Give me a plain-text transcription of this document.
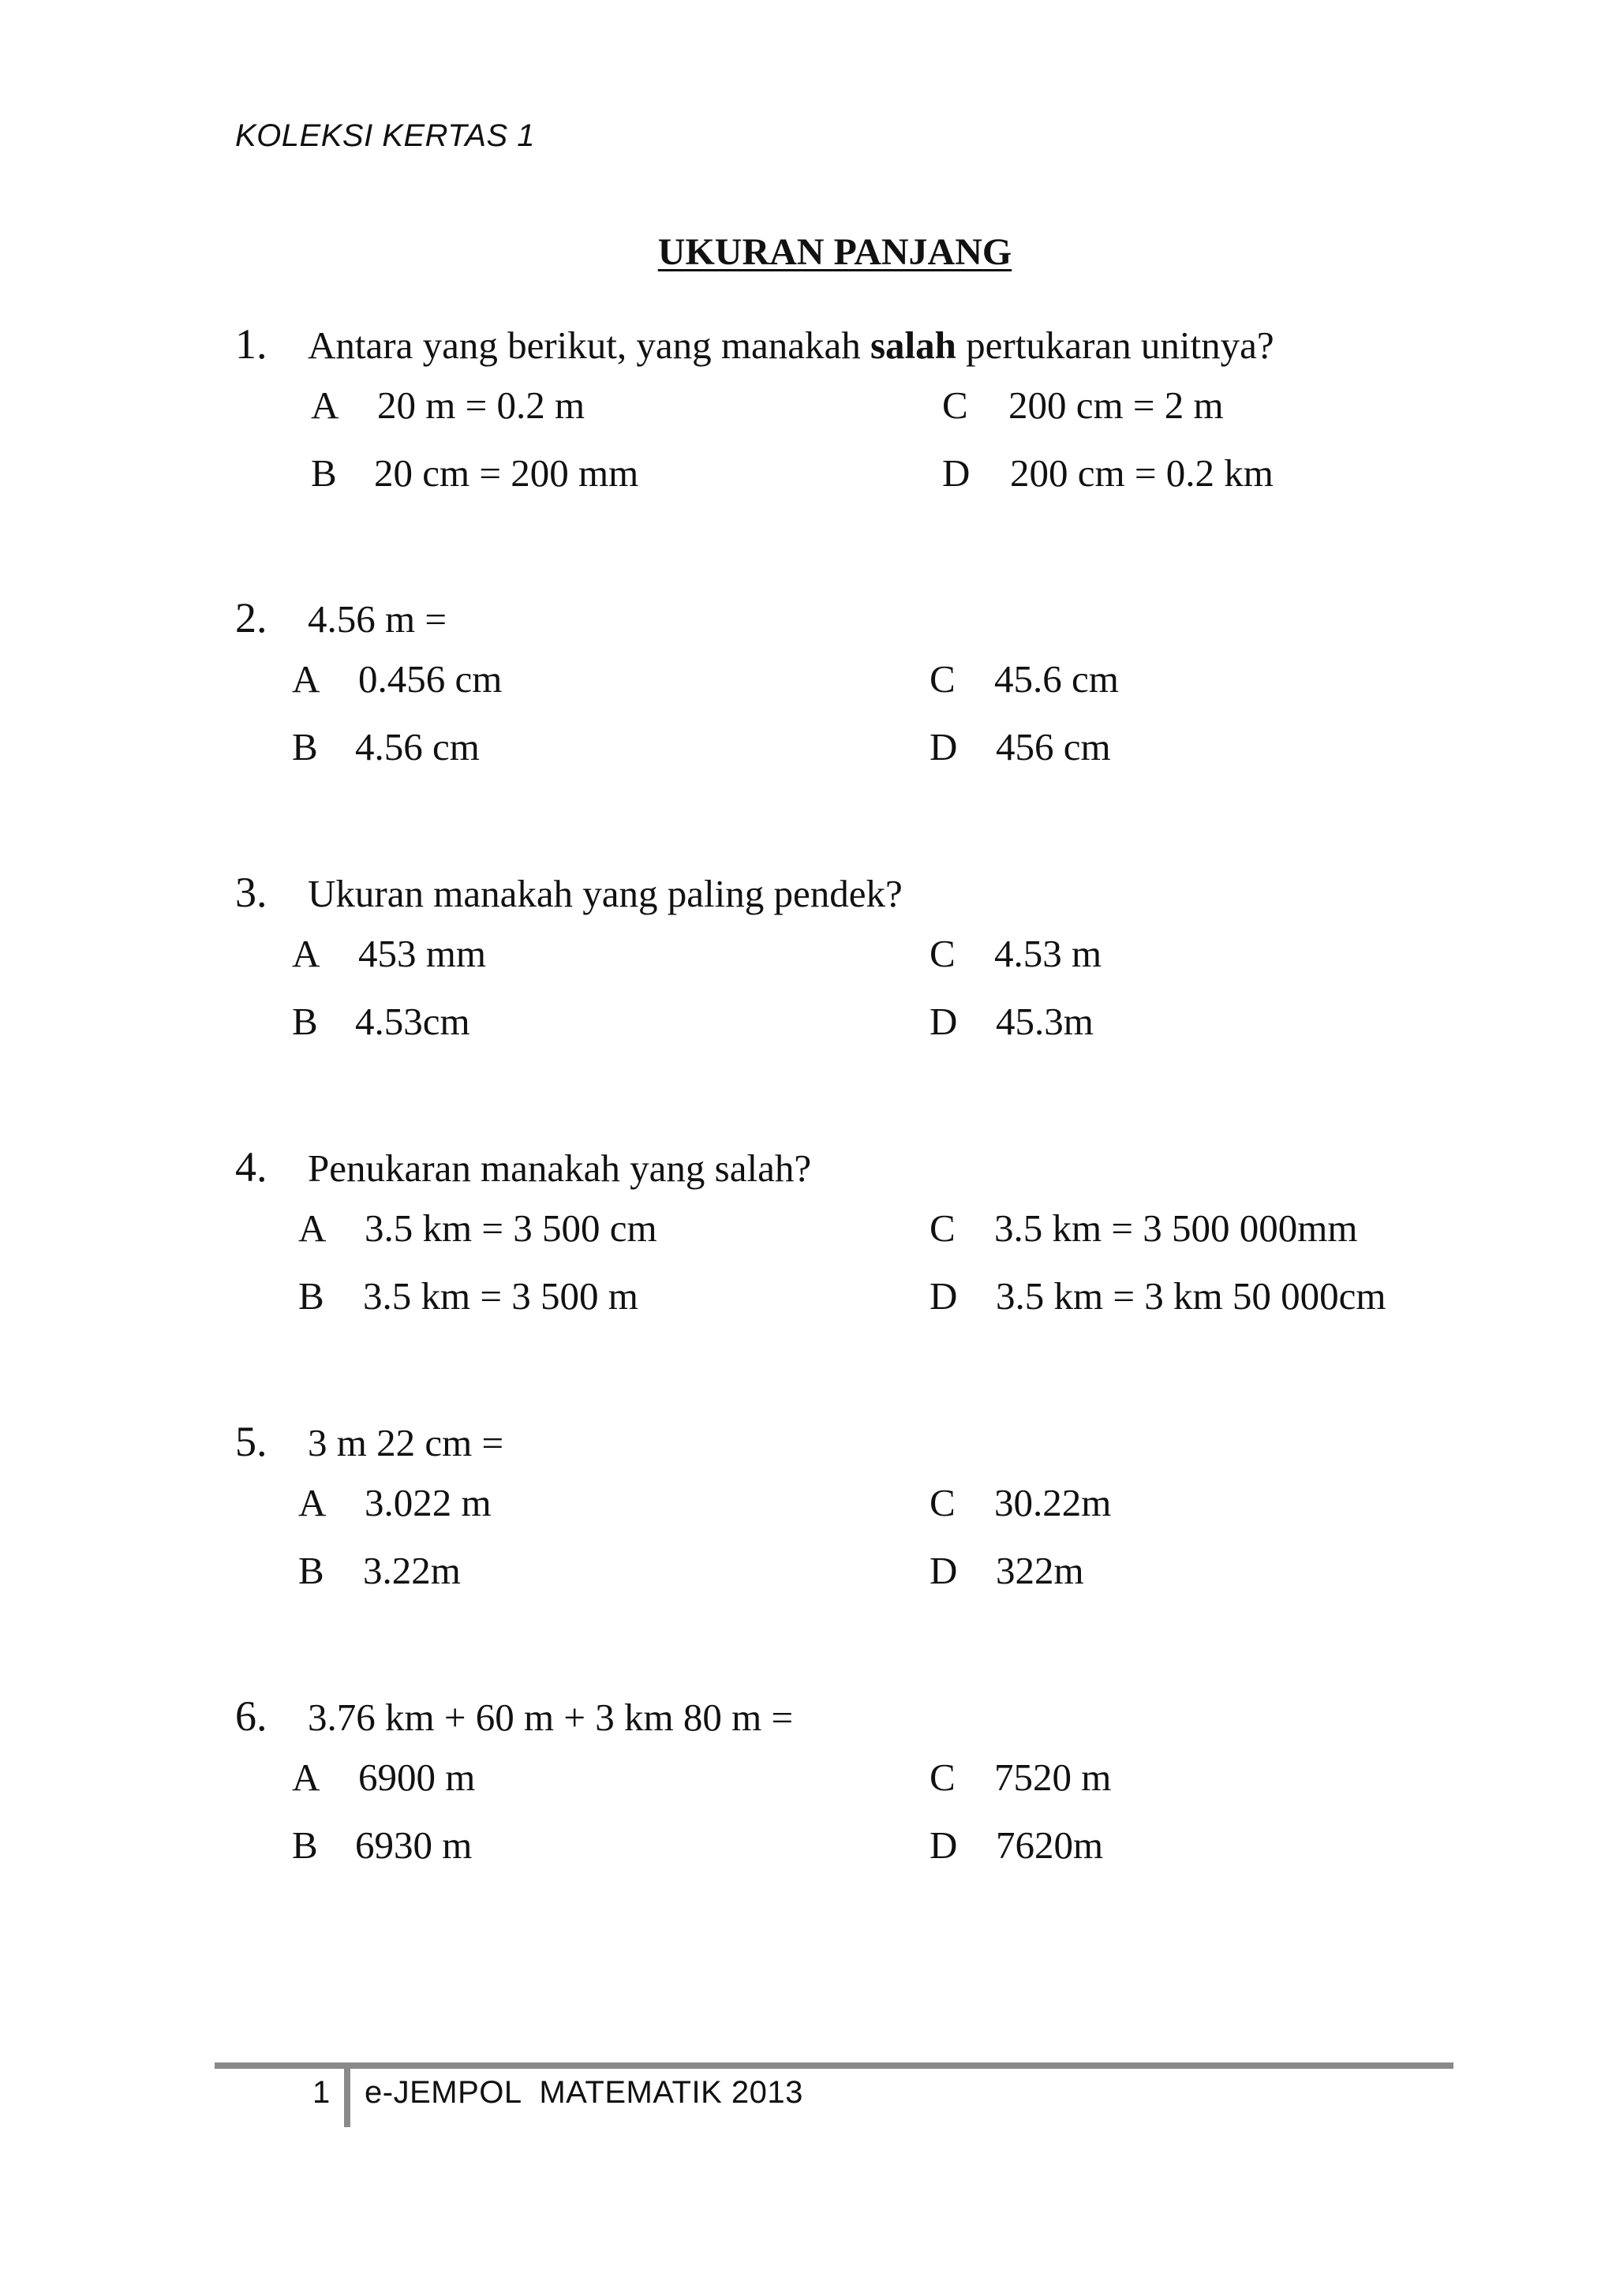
KOLEKSI KERTAS 1
UKURAN PANJANG
1.	Antara yang berikut, yang manakah salah pertukaran unitnya?
A 20 m = 0.2 m	C	200 cm = 2 m
B 20 cm = 200 mm	D	200 cm = 0.2 km
2.	4.56 m =
A 0.456 cm	C	45.6 cm
B 4.56 cm	D 456 cm
3.	Ukuran manakah yang paling pendek?
A 453 mm	C	4.53 m
B 4.53cm	D 45.3m
4.	Penukaran manakah yang salah?
A 3.5 km = 3 500 cm	C	3.5 km = 3 500 000mm
B	3.5 km = 3 500 m	D 3.5 km = 3 km 50 000cm
5.	3 m 22 cm =
A 3.022 m	C	30.22m
B	3.22m	D 322m
6.	3.76 km + 60 m + 3 km 80 m =
A 6900 m	C	7520 m
B 6930 m	D 7620m
1 e-JEMPOL  MATEMATIK 2013
